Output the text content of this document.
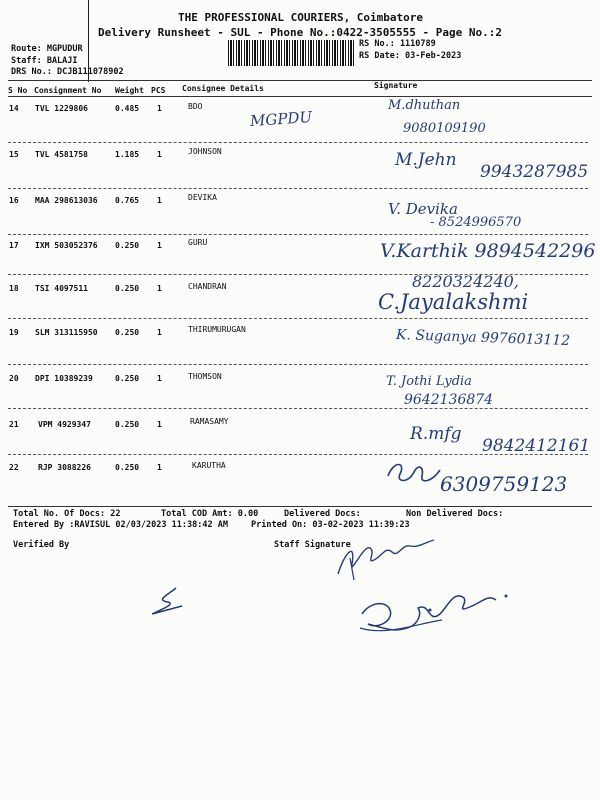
THE PROFESSIONAL COURIERS, Coimbatore
Delivery Runsheet - SUL - Phone No.:0422-3505555 - Page No.:2
Route: MGPUDUR
Staff: BALAJI
DRS No.: DCJB111078902
RS No.: 1110789
RS Date: 03-Feb-2023
S No Consignment No Weight PCS Consignee Details	Signature
14 TVL 1229806	0.485 1	BDO
MGPDU
M.dhuthan
9080109190
15 TVL 4581758	1.185 1	JOHNSON	M.Jehn
9943287985
16 MAA 298613036 0.765 1	DEVIKA
V. Devika
- 8524996570
17 IXM 503052376 0.250 1	GURU	V.Karthik 9894542296
18 TSI 4097511	0.250 1	CHANDRAN	8220324240,
C.Jayalakshmi
19 SLM 313115950 0.250 1	THIRUMURUGAN	K. Suganya 9976013112
20 DPI 10389239	0.250 1	THOMSON	T. Jothi Lydia
9642136874
21 VPM 4929347	0.250 1	RAMASAMY
R.mfg
9842412161
22 RJP 3088226	0.250 1	KARUTHA
6309759123
Total No. Of Docs: 22	Total COD Amt: 0.00	Delivered Docs:	Non Delivered Docs:
Entered By :RAVISUL 02/03/2023 11:38:42 AM	Printed On: 03-02-2023 11:39:23
Verified By	Staff Signature
